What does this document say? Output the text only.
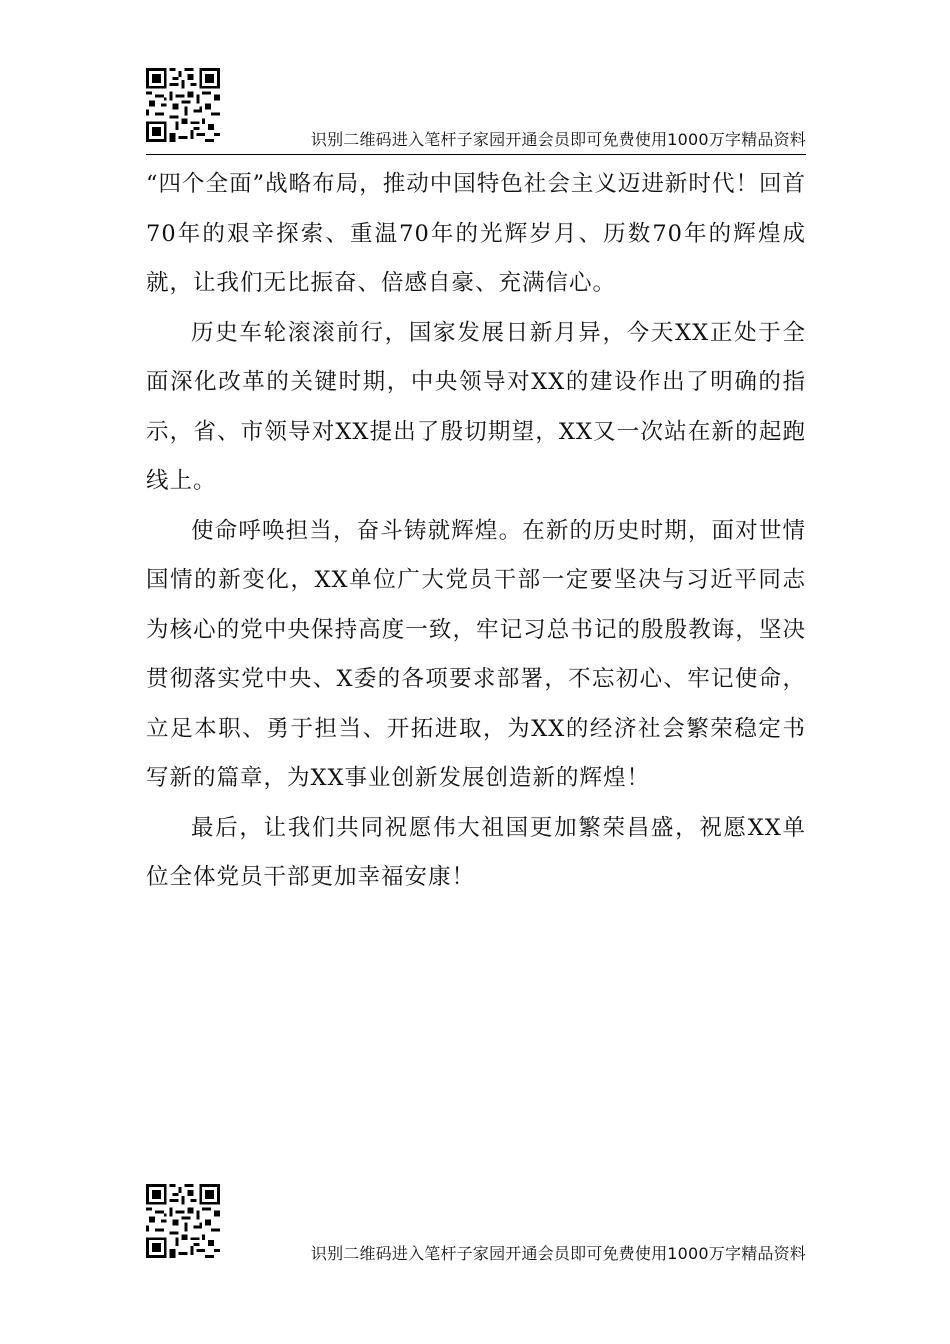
识别二维码进入笔杆子家园开通会员即可免费使用1000万字精品资料

“四个全面”战略布局，推动中国特色社会主义迈进新时代！回首70年的艰辛探索、重温70年的光辉岁月、历数70年的辉煌成就，让我们无比振奋、倍感自豪、充满信心。

历史车轮滚滚前行，国家发展日新月异，今天XX正处于全面深化改革的关键时期，中央领导对XX的建设作出了明确的指示，省、市领导对XX提出了殷切期望，XX又一次站在新的起跑线上。

使命呼唤担当，奋斗铸就辉煌。在新的历史时期，面对世情国情的新变化，XX单位广大党员干部一定要坚决与习近平同志为核心的党中央保持高度一致，牢记习总书记的殷殷教诲，坚决贯彻落实党中央、X委的各项要求部署，不忘初心、牢记使命，立足本职、勇于担当、开拓进取，为XX的经济社会繁荣稳定书写新的篇章，为XX事业创新发展创造新的辉煌！

最后，让我们共同祝愿伟大祖国更加繁荣昌盛，祝愿XX单位全体党员干部更加幸福安康！

识别二维码进入笔杆子家园开通会员即可免费使用1000万字精品资料
